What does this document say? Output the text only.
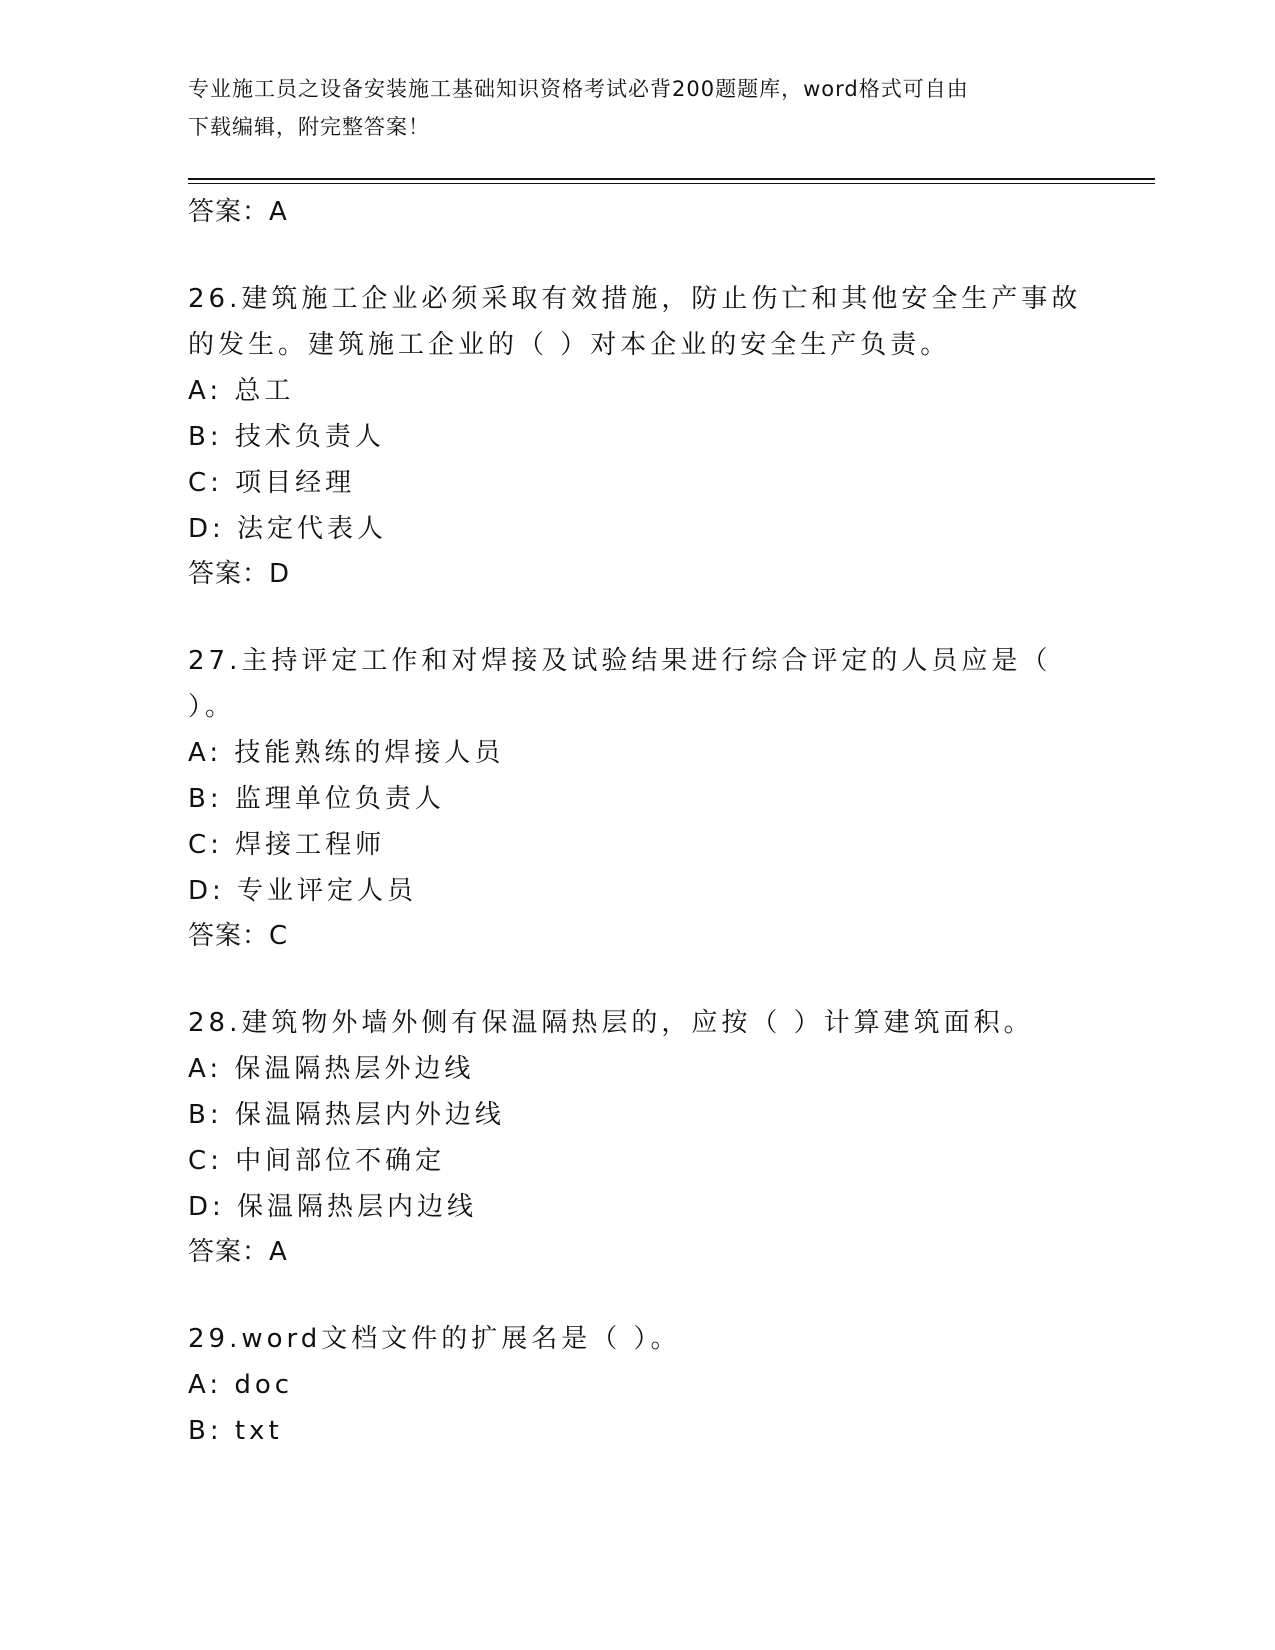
专业施工员之设备安装施工基础知识资格考试必背200题题库，word格式可自由
下载编辑，附完整答案！
答案：A
26.建筑施工企业必须采取有效措施，防止伤亡和其他安全生产事故的发生。建筑施工企业的（ ）对本企业的安全生产负责。
A: 总工
B: 技术负责人
C: 项目经理
D: 法定代表人
答案：D
27.主持评定工作和对焊接及试验结果进行综合评定的人员应是（ ）。
A: 技能熟练的焊接人员
B: 监理单位负责人
C: 焊接工程师
D: 专业评定人员
答案：C
28.建筑物外墙外侧有保温隔热层的，应按（ ）计算建筑面积。
A: 保温隔热层外边线
B: 保温隔热层内外边线
C: 中间部位不确定
D: 保温隔热层内边线
答案：A
29.word文档文件的扩展名是（ ）。
A: doc
B: txt
